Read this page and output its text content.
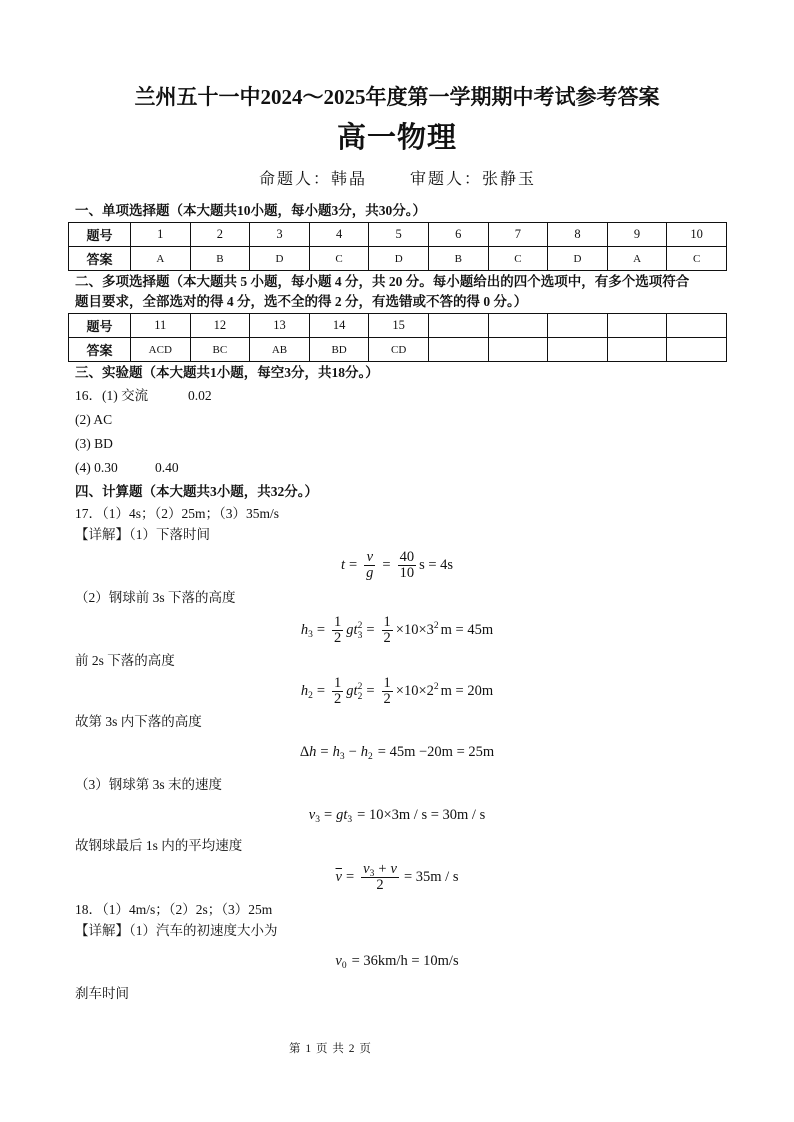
兰州五十一中2024～2025年度第一学期期中考试参考答案
高一物理
命题人：韩晶	审题人：张静玉
一、单项选择题（本大题共10小题，每小题3分，共30分。）
题号	1	2	3	4	5	6	7	8	9	10
答案	A	B	D	C	D	B	C	D	A	C
二、多项选择题（本大题共 5 小题，每小题 4 分，共 20 分。每小题给出的四个选项中，有多个选项符合
题目要求，全部选对的得 4 分，选不全的得 2 分，有选错或不答的得 0 分。）
题号	11	12	13	14	15					
答案	ACD	BC	AB	BD	CD					
三、实验题（本大题共1小题，每空3分，共18分。）
16．(1) 交流	0.02
(2) AC
(3) BD
(4) 0.30	0.40
四、计算题（本大题共3小题，共32分。）
17．（1）4s；（2）25m；（3）35m/s
【详解】（1）下落时间
$t = \frac{v}{g} = \frac{40}{10}$ s = 4s
（2）钢球前 3s 下落的高度
$h_3 = \frac{1}{2}$ gt 2
$3 = \frac{1}{2} \times 10\times 3^2$ m = 45m
前 2s 下落的高度
$h_2 = \frac{1}{2}$ gt 2
$2 = \frac{1}{2} \times 10\times 2^2$ m = 20m
故第 3s 内下落的高度
$\Delta h = h_3 - h_2 = 45m -20m = 25m$
（3）钢球第 3s 末的速度
$v_3 = gt_3 = 10\times 3m / s = 30m / s$
故钢球最后 1s 内的平均速度
$\overline{v} = \frac{v_3 + v}{2} = 35m / s$
18．（1）4m/s；（2）2s；（3）25m
【详解】（1）汽车的初速度大小为
$v_0 = 36km/h = 10m/s$
刹车时间
第 1 页 共 2 页
